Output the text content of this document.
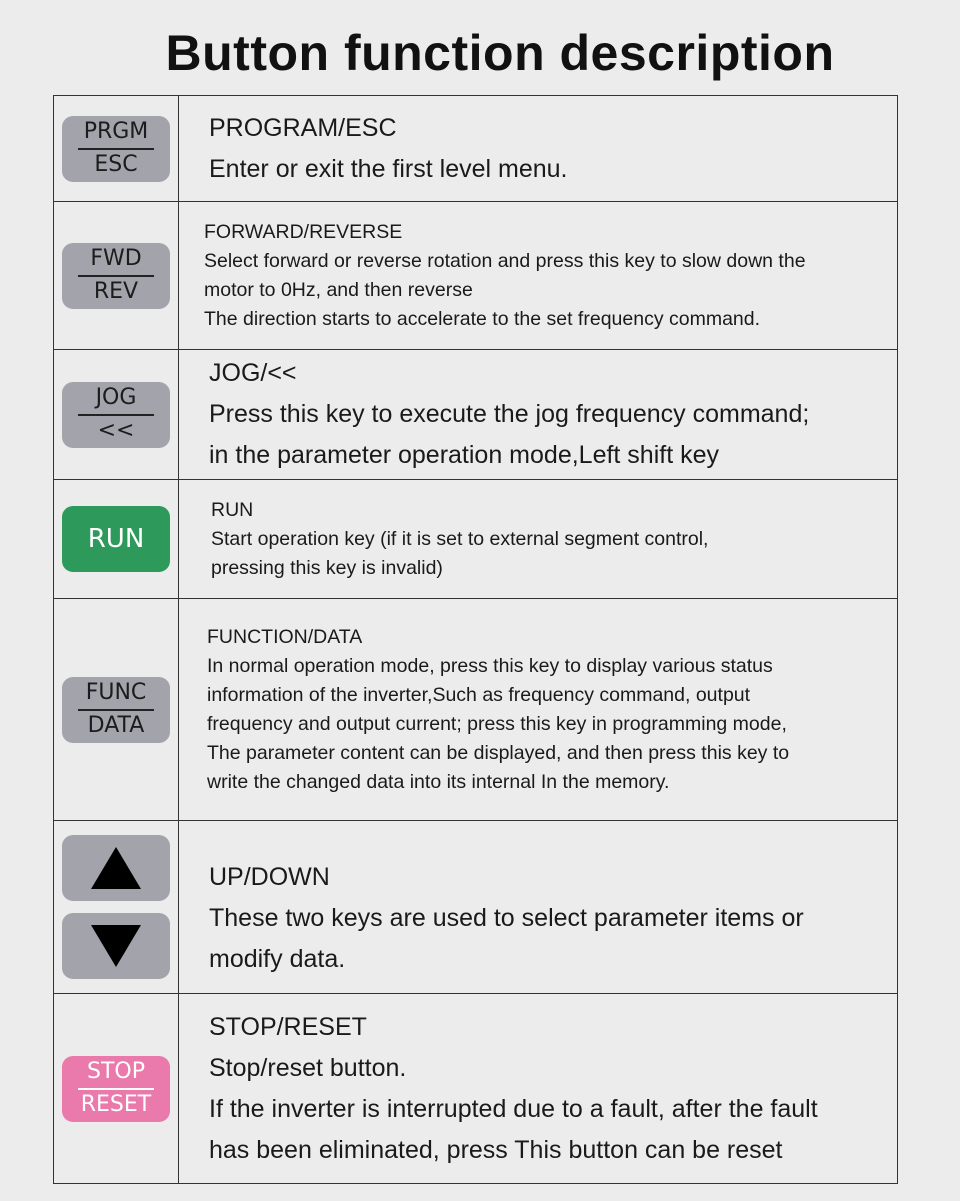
Button function description
PRGM
ESC
PROGRAM/ESC
Enter or exit the first level menu.
FWD
REV
FORWARD/REVERSE
Select forward or reverse rotation and press this key to slow down the
motor to 0Hz, and then reverse
The direction starts to accelerate to the set frequency command.
JOG
<<
JOG/<<
Press this key to execute the jog frequency command;
in the parameter operation mode,Left shift key
RUN
RUN
Start operation key (if it is set to external segment control,
pressing this key is invalid)
FUNC
DATA
FUNCTION/DATA
In normal operation mode, press this key to display various status
information of the inverter,Such as frequency command, output
frequency and output current; press this key in programming mode,
The parameter content can be displayed, and then press this key to
write the changed data into its internal In the memory.
UP/DOWN
These two keys are used to select parameter items or
modify data.
STOP
RESET
STOP/RESET
Stop/reset button.
If the inverter is interrupted due to a fault, after the fault
has been eliminated, press This button can be reset
